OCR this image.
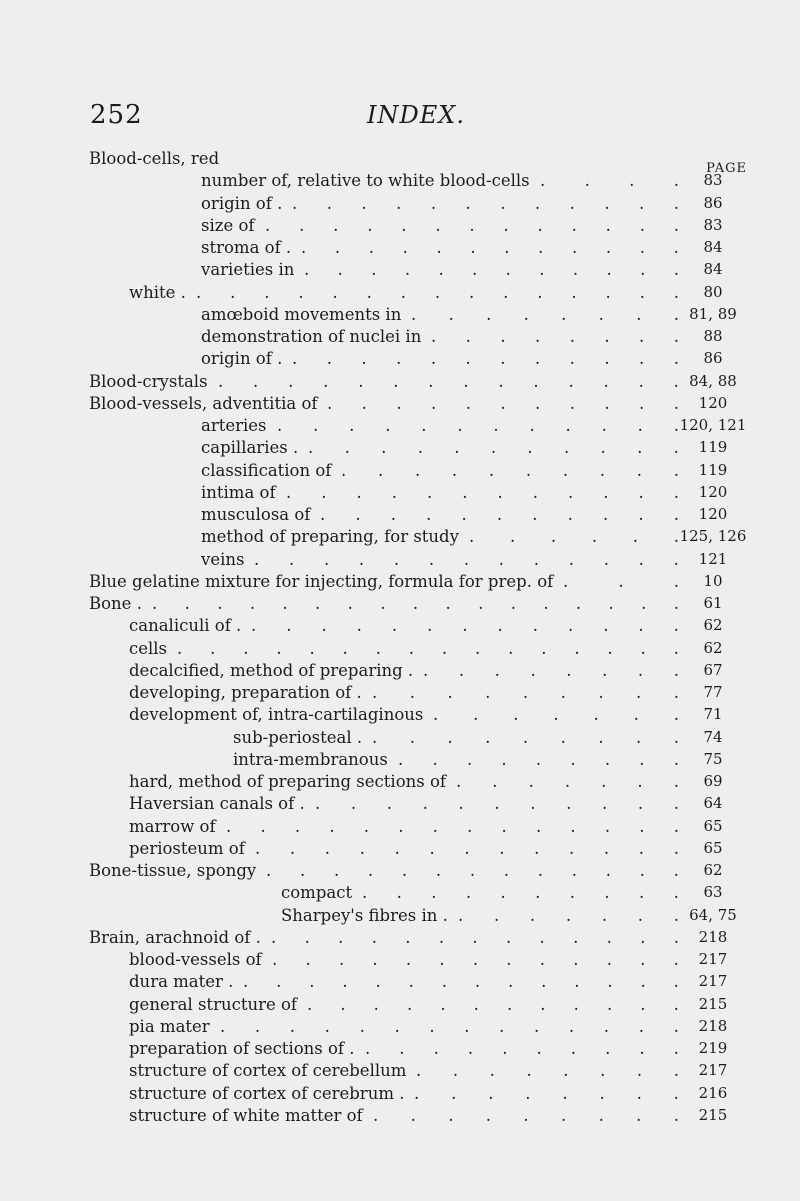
252	INDEX.
PAGE
Blood-cells, red
number of, relative to white blood-cells . . . .	83
origin of . . . . . . . . . . . . .	86
size of . . . . . . . . . . . . .	83
stroma of . . . . . . . . . . . . .	84
varieties in . . . . . . . . . . . .	84
white . . . . . . . . . . . . . . . .	80
amœboid movements in . . . . . . . . 81, 89
demonstration of nuclei in . . . . . . . .	88
origin of . . . . . . . . . . . . .	86
Blood-crystals . . . . . . . . . . . . . . 84, 88
Blood-vessels, adventitia of . . . . . . . . . . .	120
arteries . . . . . . . . . . . . 120, 121
capillaries . . . . . . . . . . . .	119
classification of . . . . . . . . . .	119
intima of . . . . . . . . . . . .	120
musculosa of . . . . . . . . . . .	120
method of preparing, for study . . . . . . 125, 126
veins . . . . . . . . . . . . .	121
Blue gelatine mixture for injecting, formula for prep. of .	.	.	10
Bone . . . . . . . . . . . . . . . . . .	61
canaliculi of . . . . . . . . . . . . . .	62
cells . . . . . . . . . . . . . . . .	62
decalcified, method of preparing . . . . . . . . .	67
developing, preparation of . . . . . . . . . .	77
development of, intra-cartilaginous . . . . . . .	71
sub-periosteal . . . . . . . . . .	74
intra-membranous . . . . . . . . .	75
hard, method of preparing sections of . . . . . . .	69
Haversian canals of . . . . . . . . . . . .	64
marrow of . . . . . . . . . . . . . .	65
periosteum of . . . . . . . . . . . . .	65
Bone-tissue, spongy . . . . . . . . . . . . .	62
compact . . . . . . . . . .	63
Sharpey's fibres in . . . . . . . . 64, 75
Brain, arachnoid of . . . . . . . . . . . . . .	218
blood-vessels of . . . . . . . . . . . . .	217
dura mater . . . . . . . . . . . . . . .	217
general structure of . . . . . . . . . . . .	215
pia mater . . . . . . . . . . . . . .	218
preparation of sections of . . . . . . . . . . .	219
structure of cortex of cerebellum . . . . . . . .	217
structure of cortex of cerebrum . . . . . . . . .	216
structure of white matter of . . . . . . . . .	215
